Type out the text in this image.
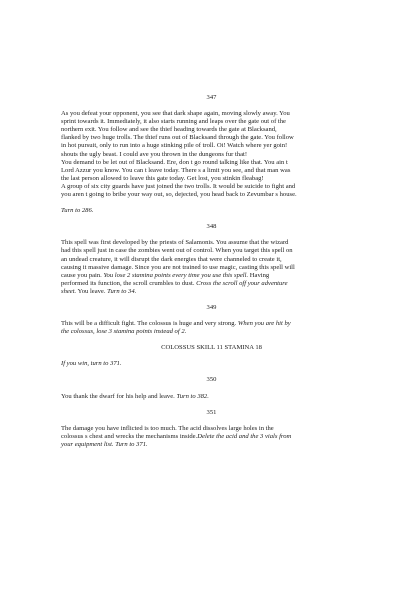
347

As you defeat your opponent, you see that dark shape again, moving slowly away. You

sprint towards it. Immediately, it also starts running and leaps over the gate out of the

northern exit. You follow and see the thief heading towards the gate at Blacksand,

flanked by two huge trolls. The thief runs out of Blacksand through the gate. You follow

in hot pursuit, only to run into a huge stinking pile of troll. Oi! Watch where yer goin!

shouts the ugly beast. I could ave you thrown in the dungeons fur that!

You demand to be let out of Blacksand. Ere, don t go round talking like that. You ain t

Lord Azzur you know. You can t leave today. There s a limit you see, and that man was

the last person allowed to leave this gate today. Get lost, you stinkin fleabag!

A group of six city guards have just joined the two trolls. It would be suicide to fight and

you aren t going to bribe your way out, so, dejected, you head back to Zevumbar s house.

Turn to 286.
348

This spell was first developed by the priests of Salamonis. You assume that the wizard

had this spell just in case the zombies went out of control. When you target this spell on

an undead creature, it will disrupt the dark energies that were channeled to create it,

causing it massive damage. Since you are not trained to use magic, casting this spell will

cause you pain. You lose 2 stamina points every time you use this spell. Having

performed its function, the scroll crumbles to dust. Cross the scroll off your adventure

sheet. You leave. Turn to 34.

349

This will be a difficult fight. The colossus is huge and very strong. When you are hit by

the colossus, lose 3 stamina points instead of 2.

COLOSSUS SKILL 11 STAMINA 18
If you win, turn to 371.
350

You thank the dwarf for his help and leave. Turn to 382.

351

The damage you have inflicted is too much. The acid dissolves large holes in the

colossus s chest and wrecks the mechanisms inside.Delete the acid and the 3 vials from

your equipment list. Turn to 371.
